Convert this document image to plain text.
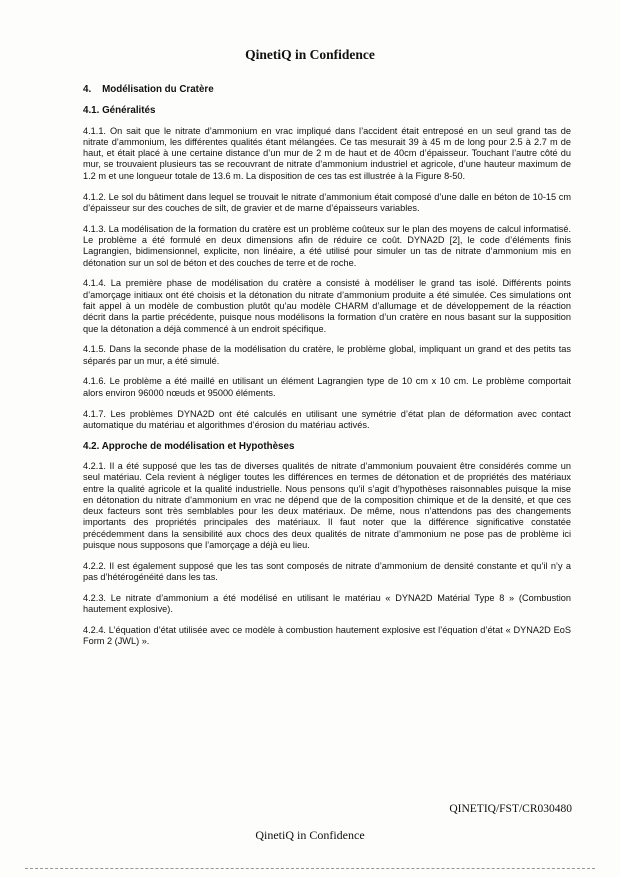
QinetiQ in Confidence
4. Modélisation du Cratère
4.1. Généralités

4.1.1. On sait que le nitrate d’ammonium en vrac impliqué dans l’accident était entreposé en un seul grand tas de nitrate d’ammonium, les différentes qualités étant mélangées. Ce tas mesurait 39 à 45 m de long pour 2.5 à 2.7 m de haut, et était placé à une certaine distance d’un mur de 2 m de haut et de 40cm d’épaisseur. Touchant l’autre côté du mur, se trouvaient plusieurs tas se recouvrant de nitrate d’ammonium industriel et agricole, d’une hauteur maximum de 1.2 m et une longueur totale de 13.6 m. La disposition de ces tas est illustrée à la Figure 8-50.

4.1.2. Le sol du bâtiment dans lequel se trouvait le nitrate d’ammonium était composé d’une dalle en béton de 10-15 cm d’épaisseur sur des couches de silt, de gravier et de marne d’épaisseurs variables.

4.1.3. La modélisation de la formation du cratère est un problème coûteux sur le plan des moyens de calcul informatisé. Le problème a été formulé en deux dimensions afin de réduire ce coût. DYNA2D [2], le code d’éléments finis Lagrangien, bidimensionnel, explicite, non linéaire, a été utilisé pour simuler un tas de nitrate d’ammonium mis en détonation sur un sol de béton et des couches de terre et de roche.

4.1.4. La première phase de modélisation du cratère a consisté à modéliser le grand tas isolé. Différents points d’amorçage initiaux ont été choisis et la détonation du nitrate d’ammonium produite a été simulée. Ces simulations ont fait appel à un modèle de combustion plutôt qu’au modèle CHARM d’allumage et de développement de la réaction décrit dans la partie précédente, puisque nous modélisons la formation d’un cratère en nous basant sur la supposition que la détonation a déjà commencé à un endroit spécifique.

4.1.5. Dans la seconde phase de la modélisation du cratère, le problème global, impliquant un grand et des petits tas séparés par un mur, a été simulé.

4.1.6. Le problème a été maillé en utilisant un élément Lagrangien type de 10 cm x 10 cm. Le problème comportait alors environ 96000 nœuds et 95000 éléments.

4.1.7. Les problèmes DYNA2D ont été calculés en utilisant une symétrie d’état plan de déformation avec contact automatique du matériau et algorithmes d’érosion du matériau activés.

4.2. Approche de modélisation et Hypothèses

4.2.1. Il a été supposé que les tas de diverses qualités de nitrate d’ammonium pouvaient être considérés comme un seul matériau. Cela revient à négliger toutes les différences en termes de détonation et de propriétés des matériaux entre la qualité agricole et la qualité industrielle. Nous pensons qu’il s’agit d’hypothèses raisonnables puisque la mise en détonation du nitrate d’ammonium en vrac ne dépend que de la composition chimique et de la densité, et que ces deux facteurs sont très semblables pour les deux matériaux. De même, nous n’attendons pas des changements importants des propriétés principales des matériaux. Il faut noter que la différence significative constatée précédemment dans la sensibilité aux chocs des deux qualités de nitrate d’ammonium ne pose pas de problème ici puisque nous supposons que l’amorçage a déjà eu lieu.

4.2.2. Il est également supposé que les tas sont composés de nitrate d’ammonium de densité constante et qu’il n’y a pas d’hétérogénéité dans les tas.

4.2.3. Le nitrate d’ammonium a été modélisé en utilisant le matériau « DYNA2D Matérial Type 8 » (Combustion hautement explosive).

4.2.4. L’équation d’état utilisée avec ce modèle à combustion hautement explosive est l’équation d’état « DYNA2D EoS Form 2 (JWL) ».

QINETIQ/FST/CR030480
QinetiQ in Confidence
